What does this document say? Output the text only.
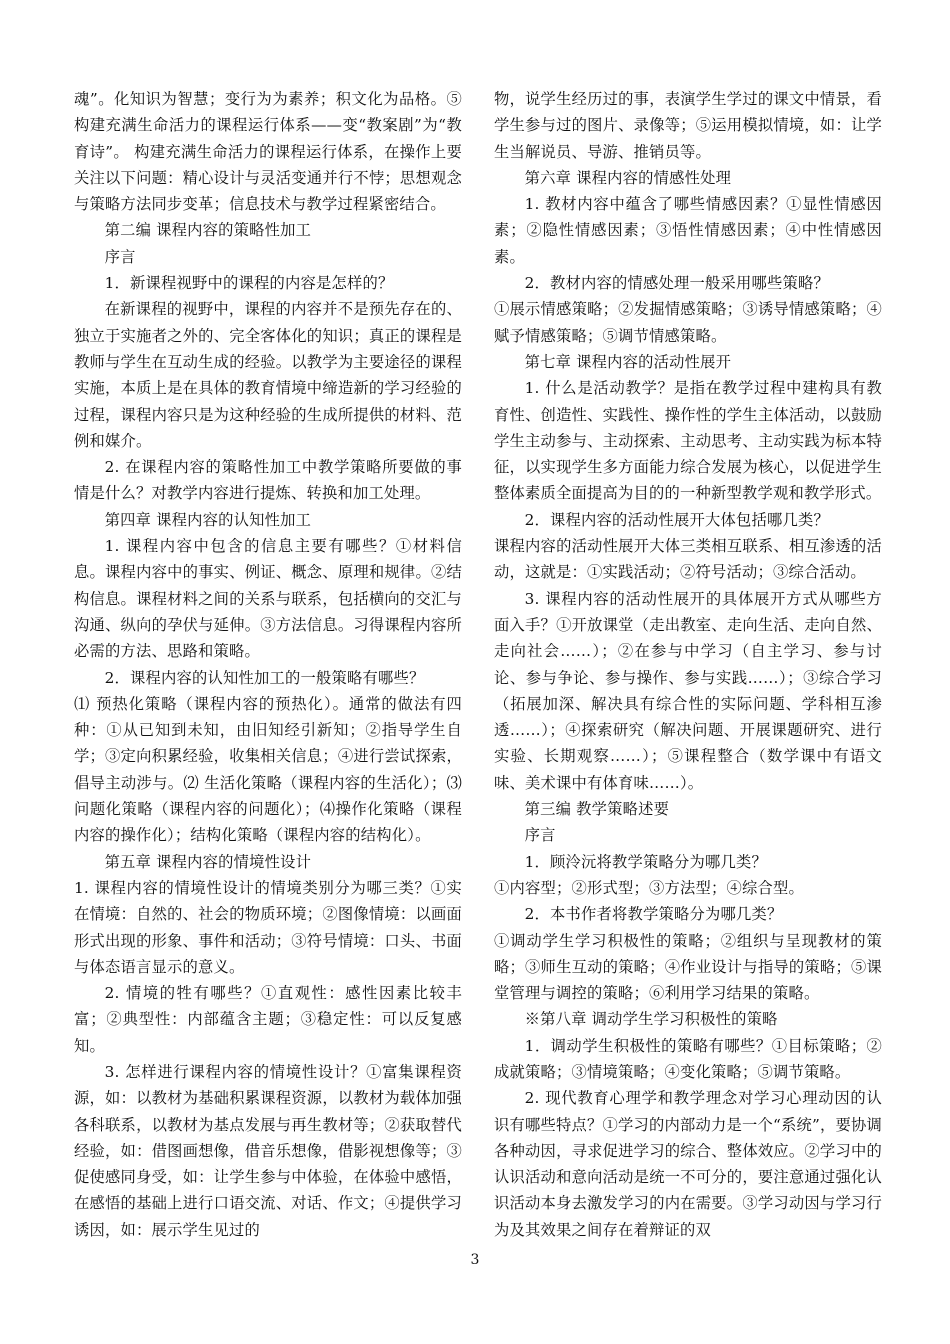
魂”。化知识为智慧；变行为为素养；积文化为品格。⑤构建充满生命活力的课程运行体系——变“教案剧”为“教育诗”。 构建充满生命活力的课程运行体系，在操作上要关注以下问题：精心设计与灵活变通并行不悖；思想观念与策略方法同步变革；信息技术与教学过程紧密结合。

第二编 课程内容的策略性加工

序言

1．新课程视野中的课程的内容是怎样的？

在新课程的视野中，课程的内容并不是预先存在的、独立于实施者之外的、完全客体化的知识；真正的课程是教师与学生在互动生成的经验。以教学为主要途径的课程实施，本质上是在具体的教育情境中缔造新的学习经验的过程，课程内容只是为这种经验的生成所提供的材料、范例和媒介。

2. 在课程内容的策略性加工中教学策略所要做的事情是什么？对教学内容进行提炼、转换和加工处理。

第四章 课程内容的认知性加工

1. 课程内容中包含的信息主要有哪些？①材料信息。课程内容中的事实、例证、概念、原理和规律。②结构信息。课程材料之间的关系与联系，包括横向的交汇与沟通、纵向的孕伏与延伸。③方法信息。习得课程内容所必需的方法、思路和策略。

2．课程内容的认知性加工的一般策略有哪些？

⑴ 预热化策略（课程内容的预热化）。通常的做法有四种：①从已知到未知，由旧知经引新知；②指导学生自学；③定向积累经验，收集相关信息；④进行尝试探索，倡导主动涉与。⑵ 生活化策略（课程内容的生活化）；⑶问题化策略（课程内容的问题化）；⑷操作化策略（课程内容的操作化）；结构化策略（课程内容的结构化）。

第五章 课程内容的情境性设计

1. 课程内容的情境性设计的情境类别分为哪三类？①实在情境：自然的、社会的物质环境；②图像情境：以画面形式出现的形象、事件和活动；③符号情境：口头、书面与体态语言显示的意义。

2. 情境的牲有哪些？①直观性：感性因素比较丰富；②典型性：内部蕴含主题；③稳定性：可以反复感知。

3. 怎样进行课程内容的情境性设计？①富集课程资源，如：以教材为基础积累课程资源，以教材为载体加强各科联系，以教材为基点发展与再生教材等；②获取替代经验，如：借图画想像，借音乐想像，借影视想像等；③促使感同身受，如：让学生参与中体验，在体验中感悟，在感悟的基础上进行口语交流、对话、作文；④提供学习诱因，如：展示学生见过的

物，说学生经历过的事，表演学生学过的课文中情景，看学生参与过的图片、录像等；⑤运用模拟情境，如：让学生当解说员、导游、推销员等。

第六章 课程内容的情感性处理

1. 教材内容中蕴含了哪些情感因素？①显性情感因素；②隐性情感因素；③悟性情感因素；④中性情感因素。

2．教材内容的情感处理一般采用哪些策略？

①展示情感策略；②发掘情感策略；③诱导情感策略；④赋予情感策略；⑤调节情感策略。

第七章 课程内容的活动性展开

1. 什么是活动教学？是指在教学过程中建构具有教育性、创造性、实践性、操作性的学生主体活动，以鼓励学生主动参与、主动探索、主动思考、主动实践为标本特征，以实现学生多方面能力综合发展为核心，以促进学生整体素质全面提高为目的的一种新型教学观和教学形式。

2．课程内容的活动性展开大体包括哪几类？

课程内容的活动性展开大体三类相互联系、相互渗透的活动，这就是：①实践活动；②符号活动；③综合活动。

3. 课程内容的活动性展开的具体展开方式从哪些方面入手？①开放课堂（走出教室、走向生活、走向自然、走向社会……）；②在参与中学习（自主学习、参与讨论、参与争论、参与操作、参与实践……）；③综合学习（拓展加深、解决具有综合性的实际问题、学科相互渗透……）；④探索研究（解决问题、开展课题研究、进行实验、长期观察……）；⑤课程整合（数学课中有语文味、美术课中有体育味……）。

第三编 教学策略述要

序言

1．顾泠沅将教学策略分为哪几类？

①内容型；②形式型；③方法型；④综合型。

2．本书作者将教学策略分为哪几类？

①调动学生学习积极性的策略；②组织与呈现教材的策略；③师生互动的策略；④作业设计与指导的策略；⑤课堂管理与调控的策略；⑥利用学习结果的策略。

※第八章 调动学生学习积极性的策略

1．调动学生积极性的策略有哪些？①目标策略；②成就策略；③情境策略；④变化策略；⑤调节策略。

2. 现代教育心理学和教学理念对学习心理动因的认识有哪些特点？①学习的内部动力是一个“系统”，要协调各种动因，寻求促进学习的综合、整体效应。②学习中的认识活动和意向活动是统一不可分的，要注意通过强化认识活动本身去激发学习的内在需要。③学习动因与学习行为及其效果之间存在着辩证的双

3
